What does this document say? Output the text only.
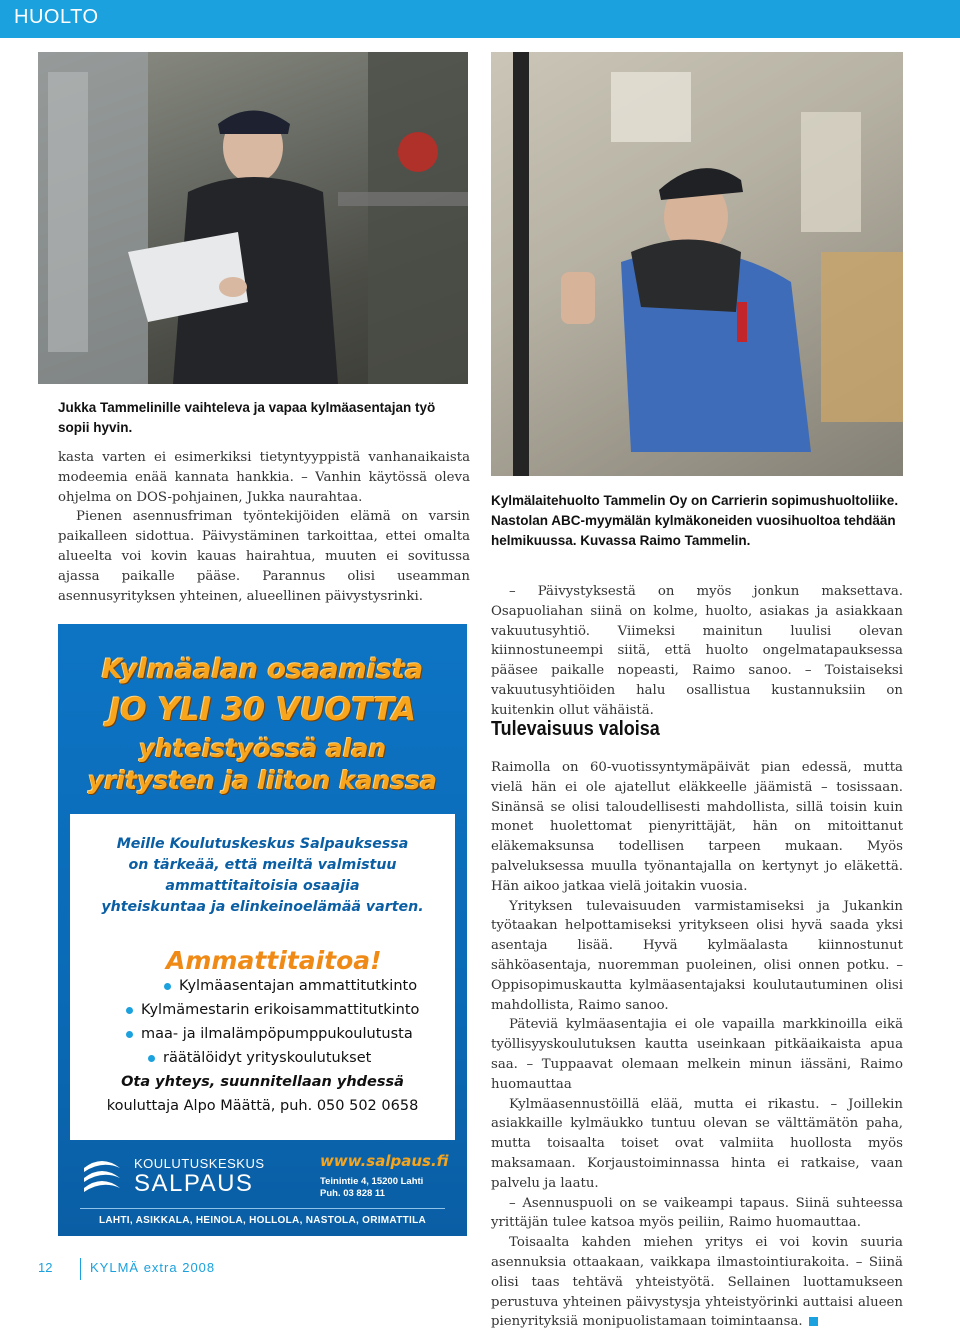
HUOLTO
Jukka Tammelinille vaihteleva ja vapaa kylmäasentajan työ sopii hyvin.
Kylmälaitehuolto Tammelin Oy on Carrierin sopimushuoltoliike. Nastolan ABC-myymälän kylmäkoneiden vuosihuoltoa tehdään helmikuussa. Kuvassa Raimo Tammelin.

kasta varten ei esimerkiksi tietyntyyppistä vanhanaikaista modeemia enää kannata hankkia. – Vanhin käytössä oleva ohjelma on DOS-pohjainen, Jukka naurahtaa.

Pienen asennusfriman työntekijöiden elämä on varsin paikalleen sidottua. Päivystäminen tarkoittaa, ettei omalta alueelta voi kovin kauas hairahtua, muuten ei sovitussa ajassa paikalle pääse. Parannus olisi useamman asennusyrityksen yhteinen, alueellinen päivystysrinki.	– Päivystyksestä on myös jonkun maksettava. Osapuoliahan siinä on kolme, huolto, asiakas ja asiakkaan vakuutusyhtiö. Viimeksi mainitun luulisi olevan kiinnostuneempi siitä, että huolto ongelmatapauksessa pääsee paikalle nopeasti, Raimo sanoo. – Toistaiseksi vakuutusyhtiöiden halu osallistua kustannuksiin on kuitenkin ollut vähäistä.

Tulevaisuus valoisa

Raimolla on 60-vuotissyntymäpäivät pian edessä, mutta vielä hän ei ole ajatellut eläkkeelle jäämistä – tosissaan. Sinänsä se olisi taloudellisesti mahdollista, sillä toisin kuin monet huolettomat pienyrittäjät, hän on mitoittanut eläkemaksunsa todellisen tarpeen mukaan. Myös palveluksessa muulla työnantajalla on kertynyt jo eläkettä. Hän aikoo jatkaa vielä joitakin vuosia.

Yrityksen tulevaisuuden varmistamiseksi ja Jukankin työtaakan helpottamiseksi yritykseen olisi hyvä saada yksi asentaja lisää. Hyvä kylmäalasta kiinnostunut sähköasentaja, nuoremman puoleinen, olisi onnen potku. – Oppisopimuskautta kylmäasentajaksi koulutautuminen olisi mahdollista, Raimo sanoo.

Päteviä kylmäasentajia ei ole vapailla markkinoilla eikä työllisyyskoulutuksen kautta useinkaan pitkäaikaista apua saa. – Tuppaavat olemaan melkein minun iässäni, Raimo huomauttaa

Kylmäasennustöillä elää, mutta ei rikastu. – Joillekin asiakkaille kylmäukko tuntuu olevan se välttämätön paha, mutta toisaalta toiset ovat valmiita huollosta myös maksamaan. Korjaustoiminnassa hinta ei ratkaise, vaan palvelu ja laatu.

– Asennuspuoli on se vaikeampi tapaus. Siinä suhteessa yrittäjän tulee katsoa myös peiliin, Raimo huomauttaa.

Toisaalta kahden miehen yritys ei voi kovin suuria asennuksia ottaakaan, vaikkapa ilmastointiurakoita. – Siinä olisi taas tehtävä yhteistyötä. Sellainen luottamukseen perustuva yhteinen päivystysja yhteistyörinki auttaisi alueen pienyrityksiä monipuolistamaan toimintaansa.

Kylmäalan osaamista
JO YLI 30 VUOTTA
yhteistyössä alan
yritysten ja liiton kanssa
Meille Koulutuskeskus Salpauksessa
on tärkeää, että meiltä valmistuu
ammattitaitoisia osaajia
yhteiskuntaa ja elinkeinoelämää varten.
Ammattitaitoa!
Kylmäasentajan ammattitutkinto
Kylmämestarin erikoisammattitutkinto
maa- ja ilmalämpöpumppukoulutusta
räätälöidyt yrityskoulutukset
Ota yhteys, suunnitellaan yhdessä
kouluttaja Alpo Määttä, puh. 050 502 0658
KOULUTUSKESKUS
SALPAUS
www.salpaus.fi
Teinintie 4, 15200 Lahti
Puh. 03 828 11
LAHTI, ASIKKALA, HEINOLA, HOLLOLA, NASTOLA, ORIMATTILA
12	KYLMÄ extra 2008
